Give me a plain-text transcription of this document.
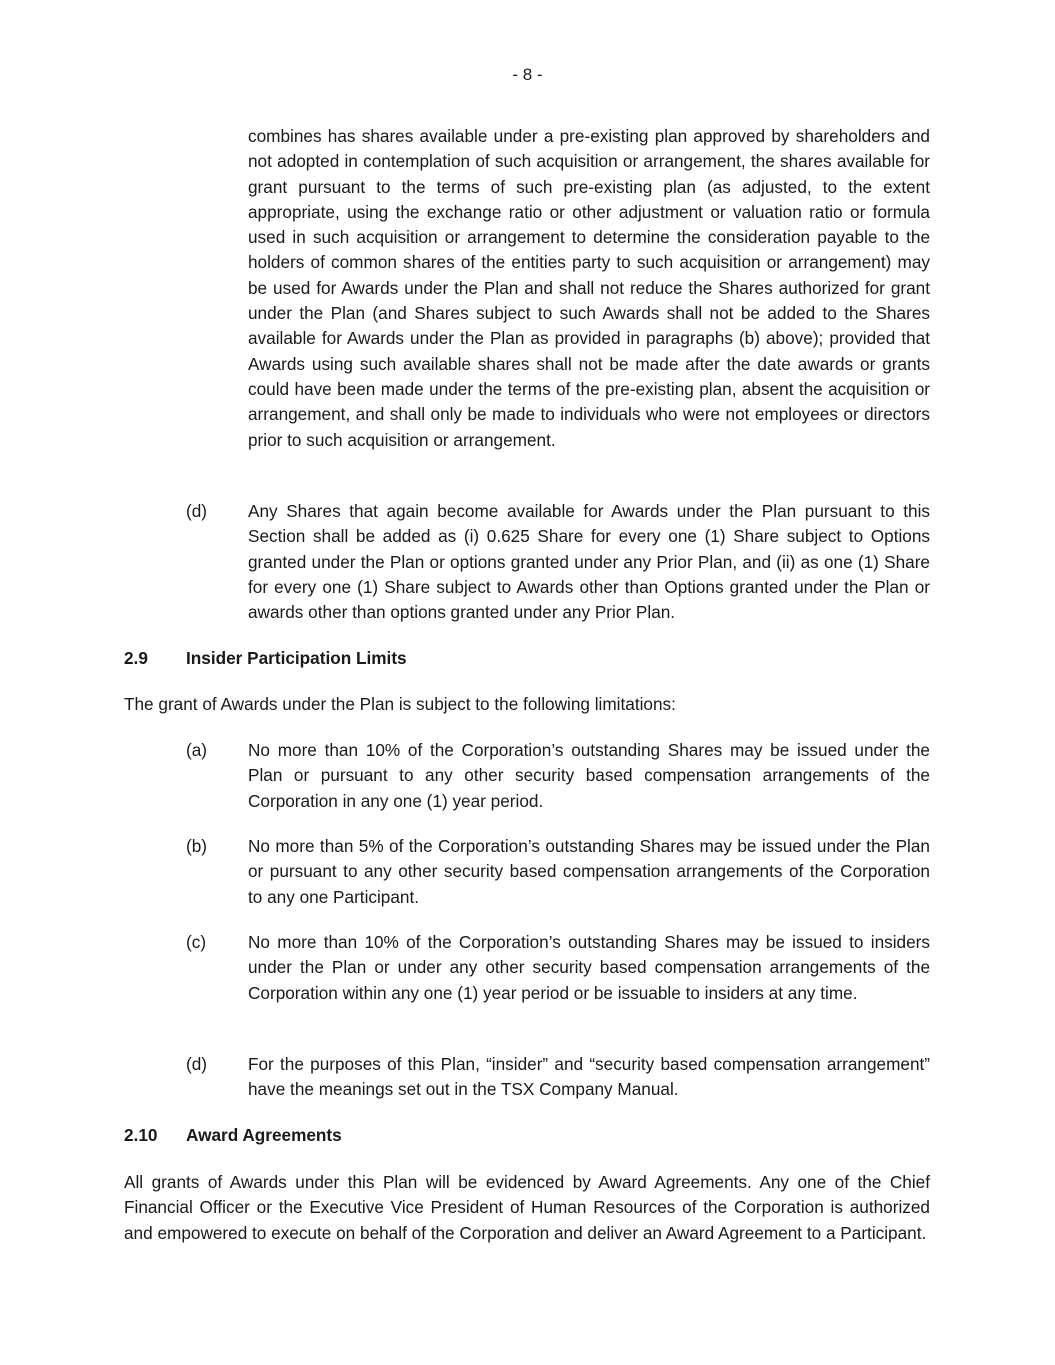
- 8 -
combines has shares available under a pre-existing plan approved by shareholders and not adopted in contemplation of such acquisition or arrangement, the shares available for grant pursuant to the terms of such pre-existing plan (as adjusted, to the extent appropriate, using the exchange ratio or other adjustment or valuation ratio or formula used in such acquisition or arrangement to determine the consideration payable to the holders of common shares of the entities party to such acquisition or arrangement) may be used for Awards under the Plan and shall not reduce the Shares authorized for grant under the Plan (and Shares subject to such Awards shall not be added to the Shares available for Awards under the Plan as provided in paragraphs (b) above); provided that Awards using such available shares shall not be made after the date awards or grants could have been made under the terms of the pre-existing plan, absent the acquisition or arrangement, and shall only be made to individuals who were not employees or directors prior to such acquisition or arrangement.
(d)	Any Shares that again become available for Awards under the Plan pursuant to this Section shall be added as (i) 0.625 Share for every one (1) Share subject to Options granted under the Plan or options granted under any Prior Plan, and (ii) as one (1) Share for every one (1) Share subject to Awards other than Options granted under the Plan or awards other than options granted under any Prior Plan.
2.9 Insider Participation Limits
The grant of Awards under the Plan is subject to the following limitations:
(a)	No more than 10% of the Corporation’s outstanding Shares may be issued under the Plan or pursuant to any other security based compensation arrangements of the Corporation in any one (1) year period.
(b)	No more than 5% of the Corporation’s outstanding Shares may be issued under the Plan or pursuant to any other security based compensation arrangements of the Corporation to any one Participant.
(c)	No more than 10% of the Corporation’s outstanding Shares may be issued to insiders under the Plan or under any other security based compensation arrangements of the Corporation within any one (1) year period or be issuable to insiders at any time.
(d)	For the purposes of this Plan, “insider” and “security based compensation arrangement” have the meanings set out in the TSX Company Manual.
2.10 Award Agreements
All grants of Awards under this Plan will be evidenced by Award Agreements. Any one of the Chief Financial Officer or the Executive Vice President of Human Resources of the Corporation is authorized and empowered to execute on behalf of the Corporation and deliver an Award Agreement to a Participant.
